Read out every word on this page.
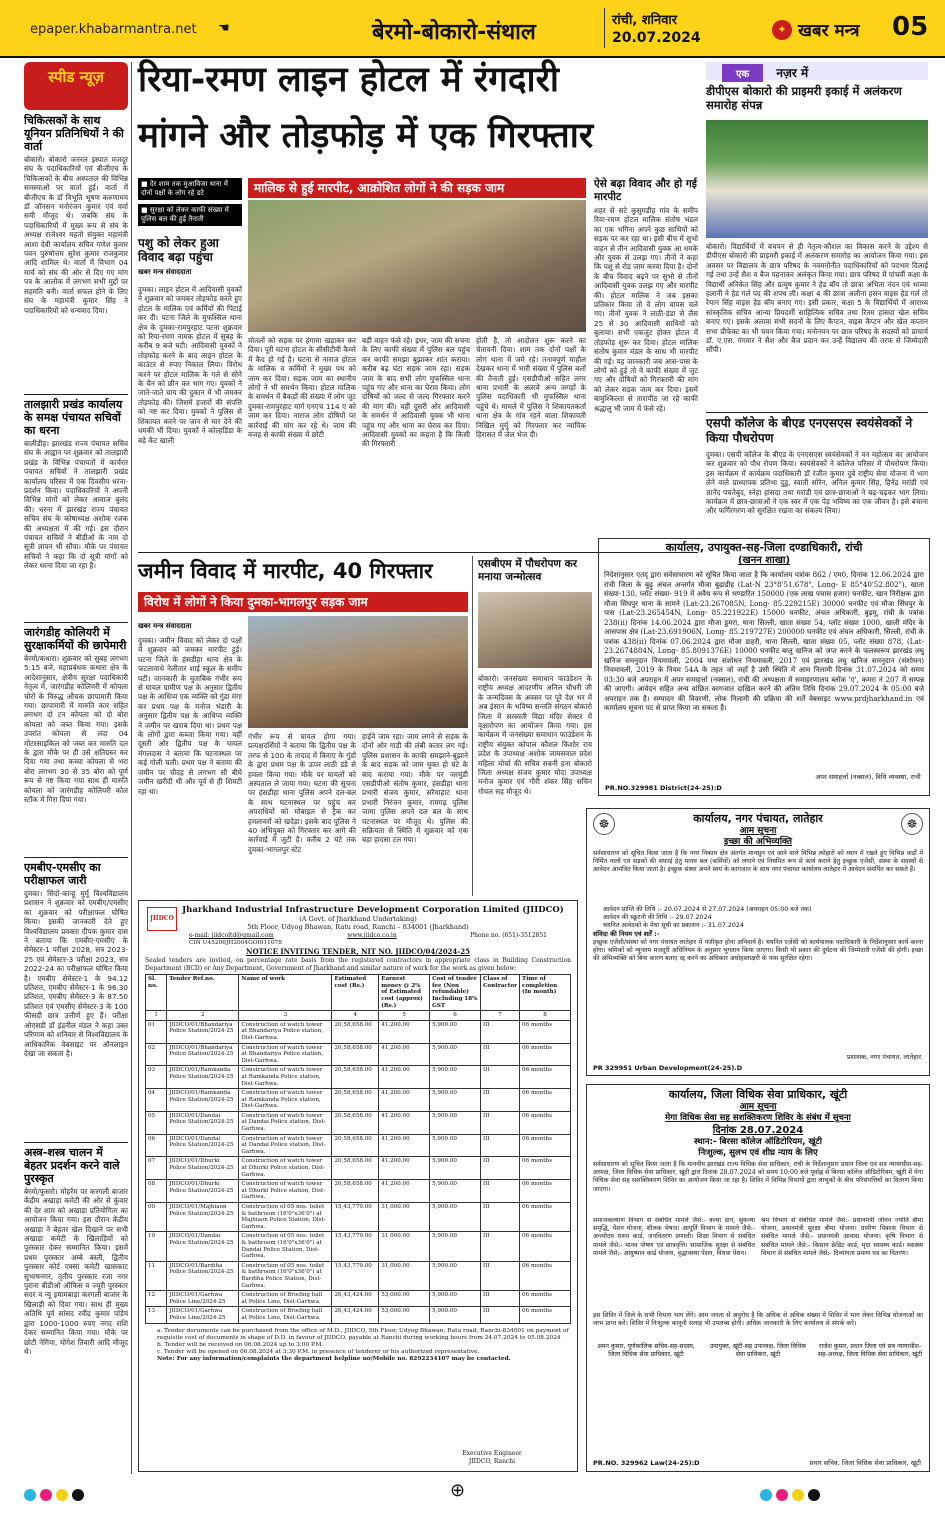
epaper.khabarmantra.net ☚	बेरमो-बोकारो-संथाल	रांची, शनिवार
20.07.2024
✦ खबर मन्त्र 05
स्पीड न्यूज़
चिकित्सकों के साथ यूनियन प्रतिनिधियों ने की वार्ता
बोकारो। बोकारो जनरल इस्पात मजदूर संघ के पदाधिकारियों एवं बीजीएच के चिकित्सकों के बीच अस्पताल की विभिन्न समस्याओं पर वार्ता हुई। वार्ता में बीजीएच के डॉ विभूति भूषण करुणामय डॉ जॉनसन मनोरंजन कुमार एवं वर्मा समी मौजूद थे। जबकि संघ के पदाधिकारियों में मुख्य रूप से संघ के अध्यक्ष राजेश्वर महतो संयुक्त महामंत्री आशा देवी कार्यालय सचिव गणेश कुमार पवन पुरुषोत्तम सुरेश कुमार राजकुमार आदि शामिल थे। वार्ता में विभाग 04 मार्च को संघ की ओर से दिए गए मांग पत्र के आलोक में लगभग सभी मुद्दों पर सहमति बनी। वार्ता सफल होने के लिए संघ के महामंत्री कुमार सिंह ने पदाधिकारियों को धन्यवाद दिया।
तालझारी प्रखंड कार्यालय के समक्ष पंचायत सचिवों का धरना
बालीडीह। झारखंड राज्य पंचायत सचिव संघ के आह्वान पर शुक्रवार को तालझारी प्रखंड के विभिन्न पंचायतों में कार्यरत पंचायत सचिवों ने तालझारी प्रखंड कार्यालय परिसर में एक दिवसीय धरना-प्रदर्शन किया। पदाधिकारियों ने अपनी विभिन्न मांगों को लेकर आवाज बुलंद की। धरना में झारखंड राज्य पंचायत सचिव संघ के कोषाध्यक्ष अशोक रजक की अध्यक्षता में की गई। इस दौरान पंचायत सचिवों ने बीडीओ के नाम दो सूत्री ज्ञापन भी सौंपा। मौके पर पंचायत सचिवों ने कहा कि दो सूत्री मांगों को लेकर धरना दिया जा रहा है।
जारंगडीह कोलियरी में सुरक्षाकर्मियों की छापेमारी
बेरमो/कथारा। शुक्रवार को सुबह लगभग 5:15 बजे, महाप्रबंधक कथारा क्षेत्र के आदेशानुसार, क्षेत्रीय सुरक्षा पदाधिकारी नेतृत्व में, जारंगडीह कोलियरी में कोयला चोरों के विरुद्ध औचक छापामारी किया गया। छापामारी में मारुति कार सहित लगभग दो टन कोयला को दो बोरा कोयला को जब्त किया गया। इसके उपरांत कोयला से लदा 04 मोटरसाइकिल को जब्त कर मारुति दल के द्वारा मौके पर ही उसे क्षतिग्रस्त कर दिया गया तथा कच्चा कोयला से भरा बोरा लगभग 30 से 35 बोरा को पूर्ण रूप से नष्ट किया गया साथ ही मारुति कोयला को जारंगडीह कोलियरी कोल स्टॉक में गिरा दिया गया।
एमबीए-एमसीए का परीक्षाफल जारी
दुमका। सिदो-कान्हू मुर्मू विश्वविद्यालय प्रशासन ने शुक्रवार को एमबीए/एमसीए का शुक्रवार को परीक्षाफल घोषित किया। इसकी जानकारी देते हुए विश्वविद्यालय प्रवक्ता दीपक कुमार दास ने बताया कि एमबीए-एमसीए के सेमेस्टर-1 परीक्षा 2028, सत्र 2023-25 एवं सेमेस्टर-3 परीक्षा 2023, सत्र 2022-24 का परीक्षाफल घोषित किया है। एमबीए सेमेस्टर-1 के 94.12 प्रतिशत, एमबीए सेमेस्टर-1 के 96.30 प्रतिशत, एमबीए सेमेस्टर-3 के 87.50 प्रतिशत एवं एमसीए सेमेस्टर-3 के 100 फीसदी छात्र उत्तीर्ण हुए हैं। परीक्षा ओएसडी डॉ इंद्रनील मंडल ने कहा उक्त परिणाम को शनिवार से विश्वविद्यालय के आधिकारिक वेबसाइट पर ऑनलाइन देखा जा सकता है।
अस्त्र-शस्त्र चालन में बेहतर प्रदर्शन करने वाले पुरस्कृत
बेरमो/फुसरो। मोहर्रम पर करगली बाजार केंद्रीय अखाड़ा कमेटी की ओर से कुंवार की देर शाम को अखाड़ा प्रतियोगिता का आयोजन किया गया। इस दौरान केंद्रीय अखाड़ा ने बेहतर खेल दिखाने पर सभी अखाड़ा कमेटी के खिलाड़ियों को पुरस्कार देकर सम्मानित किया। इसमें प्रथम पुरस्कार अम्बे बस्ती, द्वितीय पुरस्कार कोर्ट एक्सा कमेटी खासकाट सुभाषनगर, तृतीय पुरस्कार रजा नगर पुराना बीडीओ ऑफिस व ज्यूरी पुरस्कार सदर व न्यू इमामबाड़ा करगली बाजार के खिलाड़ी को दिया गया। साथ ही मुख्य अतिथि पूर्व सांसद रवींद्र कुमार पांडेय द्वारा 1000-1000 रुपए नगद राशि देकर सम्मानित किया गया। मौके पर छोटी नेगिया, योगेश तिवारी आदि मौजूद थे।
रिया-रमण लाइन होटल में रंगदारी
मांगने और तोड़फोड़ में एक गिरफ्तार
■ देर शाम तक मुआविजा थाना में दोनों पक्षों के लोग रहे डटे
■ सुरक्षा को लेकर काफी संख्या में पुलिस बल की हुई तैनाती
पशु को लेकर हुआ विवाद बढ़ा पहुंचा
खबर मन्त्र संवाददाता
दुमका। लाइन होटल में आदिवासी युवकों ने शुक्रवार को जमकर तोड़फोड़ करते हुए होटल के मालिक एवं कर्मियों की पिटाई कर दी। पटना जिले के मुफस्सिल थाना क्षेत्र के दुमका-रामपुरहाट पटना शुक्रवार को रिया-रमण नामक होटल में सुबह के करीब 9 बजे घटी। आदिवासी युवकों ने तोड़फोड़ करने के बाद लाइन होटल के काउंटर से रुपए निकाल लिया। विरोध करने पर होटल मालिक के गले से सोने के चैन को छीन कर भाग गए। युवकों ने जाते-जाते चाय की दुकान में भी जमकर तोड़फोड़ की। जिसमें हजारों की संपत्ति को नष्ट कर दिया। युवकों ने पुलिस से शिकायत करने पर जान से मार देने की धमकी भी दिया। युवकों ने कोल्हड़िंडा के बड़े केंट खाली
मालिक से हुई मारपीट, आक्रोशित लोगों ने की सड़क जाम
मोतलों को सड़क पर हंगामा खड़ाकर कर दिया। पूरी घटना होटल के सीसीटीवी कैमरे में कैद हो गई है। घटना से नाराज होटल के मालिक व कर्मियों ने मुख्य पथ को जाम कर दिया। सड़क जाम का स्थानीय लोगों ने भी समर्थन किया। होटल मालिक के समर्थन में बैकड़ों की संख्या में लोग जुट दुमका-रामपुरहाट मार्ग एनएच 114 ए को जाम कर दिया। नाराज लोग दोषियों पर कार्रवाई की मांग कर रहे थे। जाम की वजह से काफी संख्या में छोटी
बड़ी वाहन फंसे रहे। इधर, जाम की सचना के लिए काफी संख्या में पुलिस बल पहुंच कर काफी समझा बुझाकर शांत कराया। करीब बढ़ घंटा सड़क जाम रहा। सड़क जाम के बाद सभी लोग मुफस्सिल थाना पहुंच गए और थाना का घेराव किया। लोग दोषियों को जल्द से जल्द गिरफ्तार करने की मांग की। वहीं दूसरी ओर आदिवासी के समर्थन में आदिवासी युवक भी थाना पहुंच गए और थाना का घेराव कर दिया। आदिवासी युवकों का कहना है कि किसी की गिरफ्तारी
होती है, तो आदोलन शुरू करने का चेतावनी दिया। शाम तक दोनों पक्षों के लोग थाना में जमे रहे। तनावपूर्ण माहौल देखकर थाना में भारी संख्या में पुलिस बलों की तैनाती हुई। एसडीपीओ सहित लगर थाना प्रभारी के अलावे अन्य जगहों के पुलिस पदाधिकारी भी मुफस्सिल थाना पहुंचे थे। मामले में पुलिस ने शिकायतकर्ता थाना क्षेत्र के गांव रहने वाला शिकायती निखिल मुर्मू को गिरफ्तार कर न्यायिक हिरासत में जेल भेज दी।
ऐसे बढ़ा विवाद और हो गई मारपीट
शहर से सटे कुसुमडीह गांव के समीप रिया-रमण होटल मालिक संतोष भंडल का एक भगिना अपने कुछ साथियों को सड़क पर कर रहा था। इसी बीच में सुभो वाहन से तीन आदिवासी युवक आ धमके और युवक से उलझ गए। तीनों ने कहा कि पशु से रोड जाम करवा दिया है। दोनों के बीच विवाद बढ़ने पर सुभो से तीनों आदिवासी युवक उलझ गए और मारपीट की। होटल मालिक ने जब इसका प्रतिकार किया तो वे लोग वापस चले गए। तीनों युवक ने लाठी-डंडा से लैस 25 से 30 आदिवासी साथियों को बुलाया। सभी एकजुट होकर होटल में तोड़फोड़ शुरू कर दिया। होटल मालिक संतोष कुमार मंडल के साथ भी मारपीट की गई। यह जानकारी जब आस-पास के लोगों को हुई तो वे काफी संख्या में जुट गए और दोषियों को गिरफ्तारी की मांग को लेकर सड़क जाम कर दिया। इसमें बामुश्किल्ता से तारापीठ जा रहे काफी श्रद्धालु भी जाम में फंसे रहे।
जमीन विवाद में मारपीट, 40 गिरफ्तार
विरोध में लोगों ने किया दुमका-भागलपुर सड़क जाम
खबर मन्त्र संवाददाता
दुमका। जमीन विवाद को लेकर दो पक्षों में शुक्रवार को जमकर मारपीट हुई। घटना जिले के हंसडीहा थाना क्षेत्र के फटलावाधे नेलीतार शाई स्कूल के समीप घटी। जानकारी के मुताबिक गंभीर रूप से घायल ग्रामीण पक्ष के अनुसार द्वितीय पक्ष के आधिप्य एक व्यक्ति को गुंडा मंगा कर प्रथम पक्ष के मनोज भंडारी के अनुसार द्वितीय पक्ष के आधिप्य व्यक्ति ने जमीन पर खराब दिया था। प्रथम पक्ष के लोगों द्वारा कब्जा किया गया। वहीं दूसरी ओर द्वितीय पक्ष के घायल मंगलदास ने बताया कि घटनास्थल पर कई गोली चली। प्रथम पक्ष ने बताया की जमीन पर चौदह से लगभग सौ बीघे जमीन खरीदी थी और पूर्व से ही शिमटी रहा था।
गंभीर रूप से घायल होगा गया। प्रत्यक्षदर्शियों ने बताया कि द्वितीय पक्ष के तरफ से 100 के तादाद में किराए के गुंडों के द्वारा प्रथम पक्ष के ऊपर लाठी डंडे से हमला किया गया। मौके पर घायलों को अस्पताल ले जाया गया। घटना की सूचना पर हंसडीहा थाना पुलिस अपने दल-बल के साथ घटनास्थल पर पहुंच कर अपराधियों को मोबाइल से ट्रैक कर हमलावरों को खदेड़ा। इसके बाद पुलिस ने 40 अभियुक्त को गिरफ्तार कर आगे की कार्रवाई में जुटी है। करीब 2 घंटे तक दुमका-भागलपुर स्टेट
हाईवे जाम रहा। जाम लगने से सड़क के दोनों ओर गाड़ी की लंबी कतार लग गई। पुलिस प्रशासन के काफी समझाने-बुझाने के बाद सड़क को जाम मुक्त हो घंटे के बाद कराया गया। मौके पर जरमुंडी एसडीपीओ संतोष कुमार, हंसडीहा थाना प्रभारी संजय कुमार, सरैयाहाट थाना प्रभारी निरंजन कुमार, रामगढ़ पुलिस जामा पुलिस अपने दल बल के साथ घटनास्थल पर मौजूद थे। पुलिस की सक्रियता से स्थिति में शुक्रवार को एक बड़ा हादसा टल गया।
एसबीएम में पौधरोपण कर मनाया जन्मोत्सव
बोकारो। जनसंख्या समाधान फाउंडेशन के राष्ट्रीय अध्यक्ष आदरणीय अनिल चौधरी जी के जन्मदिवस के अवसर पर पूरे देश भर में अब इंसान के भविष्य सन्तति संगठन बोकारो जिला में सरस्वती विद्या मंदिर सेक्टर में वृक्षारोपण का आयोजन किया गया। इस कार्यक्रम में जनसंख्या समाधान फाउंडेशन के राष्ट्रीय संयुक्त कोपाल कौशल किशोर राय प्रदेश के उपाध्यक्ष अशोक जायसवाल प्रदेश महिला मोर्चा की सचिव सबनी हना बोकारो जिला अध्यक्ष संजय कुमार मोदा उपाध्यक्ष मनोज कुमार एवं गौरी शंकर सिंह सचिन गोयल सह मौजूद थे।
एक नज़र में
डीपीएस बोकारो की प्राइमरी इकाई में अलंकरण समारोह संपन्न
बोकारो। विद्यार्थियों में बचपन से ही नेतृत्व-कौशल का विकास करने के उद्देश्य से डीपीएस बोकारो की प्राइमरी इकाई में अलंकरण समारोह का आयोजन किया गया। इस अवसर पर विद्यालय के छात्र परिषद के नवमनोनीत पदाधिकारियों को पदभार दिलाई गई तथा उन्हें सैश व बैज पहनाकर अलंकृत किया गया। छात्र परिषद में पांचवीं कक्षा के विद्यार्थी अनिकेत सिंह और प्रत्युष कुमार ने हेड बॉय तो छात्रा अभिता नंदन एवं भाव्या हलानी ने हेड गर्ल पद की शपथ ली। कक्षा 4 की छात्रा अलीना हसन वाइस हेड गर्ल तो रेयान सिंह वाइस हेड बॉय बनाए गए। इसी प्रकार, कक्षा 5 के विद्यार्थियों में आराध्य सांस्कृतिक सचिव आन्या प्रियदर्शी साहित्यिक सचिव तथा रितम हांसदा खेल सचिव बनाए गए। इसके अलावा सभी सदनों के लिए कैप्टन, वाइस कैप्टन और खेल कप्तान सभा प्रीफेक्ट का भी चयन किया गया। मनोनयन पर छात्र परिषद के सदस्यों को प्राचार्य डॉ. ए.एस. गंगवार ने सैश और बैज प्रदान कर उन्हें विद्यालय की तरफ से जिम्मेदारी सौंपी।
एसपी कॉलेज के बीएड एनएसएस स्वयंसेवकों ने किया पौधरोपण
दुमका। एसपी कॉलेज के बीएड के एनएसएस स्वयंसेवकों ने वन महोत्सव का आयोजन कर शुक्रवार को पौध रोपण किया। स्वयंसेवकों ने कॉलेज परिसर में पौधरोपण किया। इस कार्यक्रम में कार्यक्रम पदाधिकारी डॉ रंजीत कुमार दुबे राष्ट्रीय सेवा योजना में भाग लेने वाले प्राध्यापक प्रतिभा दुडु, स्वाती सोरेन, अनिल कुमार सिंह, हिनेंद्र मरांडी एवं ज्ञानेंद पचतेबुद, स्नेहा हांसदा तथा मरांडी एवं छात्र-छात्राओं ने बढ़-चढ़कर भाग लिया। कार्यक्रम में छात्र-छात्राओं ने एक स्वर में एक पेड़ भविष्य का एक जीवन है। इसे बचाना और फर्गिरगरण को सुरक्षित रखना का संकल्प लिया।
कार्यालय, उपायुक्त-सह-जिला दण्डाधिकारी, रांची
(खनन शाखा)
निदेशानुसार एतद् द्वारा सर्वसाधारण को सूचित किया जाता है कि कार्यालय पत्रांक 862 / एम0, दिनांक 12.06.2024 द्वारा रांची जिला के बुढ़ू अंचल अन्तर्गत मौजा बुढ़ाडीह (Lat-N 23°8'51.678", Long- E 85°40'52.802"), खाता संख्या-130, प्लॉट संख्या- 919 में अवैध रूप से भण्डारित 150000 (एक लाख पचास हजार) घनफीट, खान निरीक्षक द्वारा मौजा सिंघपुर थाना के सामने (Lat-23.267085N, Long- 85.229215E) 30000 घनफीट एवं मौजा सिंघपुर के पास (Lat-23.265454N, Long- 85.221922E) 15000 घनफीट, अंचल अधिकारी, बुढ़मू, रांची के पत्रांक 238(ii) दिनांक 14.06.2024 द्वारा मौजा डुमरा, थाना सिल्ली, खाता संख्या 54, प्लॉट संख्या 1000, खाली मंदिर के आसपास क्षेत्र (Lat-23.691906N, Long- 85.219727E) 200000 घनफीट एवं अंचल अधिकारी, सिल्ली, रांची के पत्रांक 438(ii) दिनांक 07.06.2024 द्वारा मौजा डाहरी, थाना सिल्ली, खाता संख्या 05, प्लॉट संख्या 878, (Lat-23.2674884N, Long- 85.8091376E) 10000 घनफीट बालू खनिज को जप्त करने के फलस्वरूप झारखंड लघु खनिज समनुदान नियमावली, 2004 यथा संशोधन नियमावली, 2017 एवं झारखंड लघु खनिज समनुदान (संशोधन) नियमावली, 2019 के नियम 54A के तहत जो जहाँ है उसी स्थिति में आम निलामी दिनांक 31.07.2024 को समय 03:30 बजे अपराहन में अपर समाहर्त्ता (नक्सल), रांची की अध्यक्षता में समाहरणालय ब्लॉक 'ए', कमरा नं 207 में सम्पन्न की जाएगी। आवेदन सहित अन्य वांछित कागजात दाखिल करने की अंतिम तिथि दिनांक 29.07.2024 के 05:00 बजे अपराहन तक है। सम्पादन की विवरणी, लोक निलामी की प्रक्रिया की शर्तें वेबसाइट www.prdjharkhand.in एवं कार्यालय सूचना पट से प्राप्त किया जा सकता है।
अपर समाहर्त्ता (नक्सल), विधि व्यवस्था, रांची
PR.NO.329981 District(24-25):D
☸	☸
कार्यालय, नगर पंचायत, लातेहार
आम सूचना
इच्छा की अभिव्यक्ति
सर्वसाधारण को सूचित किया जाता है कि नगर निकाय क्षेत्र अंतर्गत मानसून एवं आने वाले विभिन्न त्योहारों को ध्यान में रखते हुए विभिन्न वार्डों में निर्मित नालों एवं सड़कों की सफाई हेतु मानव बल (कर्मियों) को लगाने एवं नियमित रूप से कार्य कराने हेतु इच्छुक एजेंसी, संस्था के सदस्यों से आवेदन आमंत्रित किया जाता है। इच्छुक संस्था अपने स्वयं के कागजात के साथ नगर पंचायत कार्यालय लातेहार में आवेदन समर्पित कर सकते हैं।
आवेदन प्राप्ति की तिथि :- 20.07.2024 से 27.07.2024 (अपराहन 05:00 बजे तक)
आवेदन की स्क्रूटनी की तिथि :- 29.07.2024
चयनित आवेदकों के मेधा सूची का प्रकाशन :- 31.07.2024
संविदा की नियम एवं शर्तें :-
इच्छुक एजेंसी/संस्था को नगर पंचायत लातेहार में पंजीकृत होना अनिवार्य है। चयनित एजेंसी को कार्यपालक पदाधिकारी के निर्देशानुसार कार्य करना होगा। श्रमिकों को न्यूनतम मजदूरी अधिनियम के अनुसार भुगतान किया जाएगा। किसी भी प्रकार की दुर्घटना की जिम्मेदारी एजेंसी की होगी। इच्छा की अभिव्यक्ति को बिना कारण बताए रद्द करने का अधिकार अधोहस्ताक्षरी के पास सुरक्षित रहेगा।
प्रशासक, नगर पंचायत, लातेहार
PR 329951 Urban Development(24-25).D
कार्यालय, जिला विधिक सेवा प्राधिकार, खूंटी
आम सूचना
मेगा विधिक सेवा सह सशक्तिकरण शिविर के संबंध में सूचना
दिनांक 28.07.2024
स्थान:- बिरसा कॉलेज ऑडिटोरियम, खूंटी
निःशुल्क, सुलभ एवं शीघ्र न्याय के लिए
सर्वसाधारण को सूचित किया जाता है कि माननीय झारखंड राज्य विधिक सेवा प्राधिकार, रांची के निर्देशानुसार प्रधान जिला एवं सत्र न्यायाधीश-सह-अध्यक्ष, जिला विधिक सेवा प्राधिकार, खूंटी द्वारा दिनांक 28.07.2024 को समय 10:00 बजे पूर्वाह्न से बिरसा कॉलेज ऑडिटोरियम, खूंटी में मेगा विधिक सेवा सह सशक्तिकरण शिविर का आयोजन किया जा रहा है। शिविर में विभिन्न विभागों द्वारा लाभुकों के बीच परिसंपत्तियों का वितरण किया जाएगा।
समाजकल्याण विभाग से संबंधित मामले जैसे:- कन्या दान, सुकन्या समृद्धि, पेंशन योजना, शीलक भेषज। आपूर्ति विभाग के मामले जैसे:- अन्त्योदय राशन कार्ड, जनवितरण प्रणाली। शिक्षा विभाग से संबंधित मामले जैसे:- मानव पोषण एवं छात्रवृत्ति। सामाजिक सुरक्षा से संबंधित मामले जैसे:- आयुष्मान कार्ड योजना, वृद्धावस्था पेंशन, विधवा पेंशन।
श्रम विभाग से संबंधित मामले जैसे:- प्रधानमंत्री जीवन ज्योति बीमा योजना, प्रधानमंत्री सुरक्षा बीमा योजना। ग्रामीण विकास विभाग से संबंधित मामले जैसे:- प्रधानमंत्री आवास योजना। कृषि विभाग से संबंधित मामले जैसे:- किसान क्रेडिट कार्ड, मृदा स्वास्थ्य कार्ड। स्वास्थ्य विभाग से संबंधित मामले जैसे:- दिव्यांगता प्रमाण पत्र का वितरण।
इस शिविर में जिले के सभी विभाग भाग लेंगे। आम जनता से अनुरोध है कि अधिक से अधिक संख्या में शिविर में भाग लेकर विभिन्न योजनाओं का लाभ प्राप्त करें। शिविर में निःशुल्क कानूनी सलाह भी उपलब्ध होगी। अधिक जानकारी के लिए कार्यालय से संपर्क करें।
अमन कुमार, पूर्णकालिक सचिव-सह-सदस्य, जिला विधिक सेवा प्राधिकार, खूंटी
उपायुक्त, खूंटी-सह उपाध्यक्ष, जिला विधिक सेवा प्राधिकार, खूंटी
राजेश कुमार, प्रधान जिला एवं सत्र न्यायाधीश-सह-अध्यक्ष, जिला विधिक सेवा प्राधिकार, खूंटी
PR.NO. 329962 Law(24-25):D	प्रचार सचिव, जिला विधिक सेवा प्राधिकार, खूंटी
JIIDCO
Jharkhand Industrial Infrastructure Development Corporation Limited (JIIDCO)
(A Govt. of Jharkhand Undertaking)
5th Floor, Udyog Bhawan, Ratu road, Ranchi – 834001 (Jharkhand)
e-mail: jiidcoltd@gmail.com	www.jiidco.co.in	Phone no. (651)-3512851
CIN U45206JH2004GOI011078
NOTICE INVITING TENDER, NIT NO. JIIDCO/04/2024-25
Sealed tenders are invited, on percentage rate basis from the registered contractors in appropriate class in Building Construction Department (BCD) or Any Department, Government of Jharkhand and similar nature of work for the work as given below:
Sl. no.	Tender Ref.no.	Name of work	Estimated cost (Rs.)	Earnest money @ 2% of Estimated cost (approx) (Rs.)	Cost of tender fee (Non refundable) Including 18% GST	Class of Contractor	Time of completion (In month)
1	2	3	4	5	6	7	8
01	JIIDCO/01/Bhandariya Police Station/2024-25	Construction of watch tower at Bhandariya Police station, Dist-Garhwa.	20,58,658.00	41,200.00	5,900.00	III	06 months
02	JIIDCO/01/Bhandariya Police Station/2024-25	Construction of watch tower at Bhandariya Police station, Dist-Garhwa.	20,58,658.00	41,200.00	5,900.00	III	06 months
03	JIIDCO/01/Ramkanda Police Station/2024-25	Construction of watch tower at Ramkanda Police station, Dist-Garhwa.	20,58,658.00	41,200.00	5,900.00	III	06 months
04	JIIDCO/01/Ramkanda Police Station/2024-25	Construction of watch tower at Ramkanda Police station, Dist-Garhwa.	20,58,658.00	41,200.00	5,900.00	III	06 months
05	JIIDCO/01/Dandai Police Station/2024-25	Construction of watch tower at Dandai Police station, Dist-Garhwa.	20,58,658.00	41,200.00	5,900.00	III	06 months
06	JIIDCO/01/Dandai Police Station/2024-25	Construction of watch tower at Dandai Police station, Dist-Garhwa.	20,58,658.00	41,200.00	5,900.00	III	06 months
07	JIIDCO/01/Dhurki Police Station/2024-25	Construction of watch tower at Dhurki Police station, Dist-Garhwa.	20,58,658.00	41,200.00	5,900.00	III	06 months
08	JIIDCO/01/Dhurki Police Station/2024-25	Construction of watch tower at Dhurki Police station, Dist-Garhwa.	20,58,658.00	41,200.00	5,900.00	III	06 months
09	JIIDCO/01/Majhiaon Police Station/2024-25	Construction of 05 nos. toilet & bathroom (16'0"x36'0") at Majhiaon Police Station, Dist-Garhwa.	15,43,779.00	31,000.00	5,900.00	III	06 months
10	JIIDCO/01/Dandai Police Station/2024-25	Construction of 05 nos. toilet & bathroom (16'0"x36'0") at Dandai Police Station, Dist-Garhwa.	15,43,779.00	31,000.00	5,900.00	III	06 months
11	JIIDCO/01/Bardiha Police Station/2024-25	Construction of 05 nos. toilet & bathroom (16'0"x36'0") at Bardiha Police Station, Dist-Garhwa.	15,43,779.00	31,000.00	5,900.00	III	06 months
12	JIIDCO/01/Garhwa Police Line/2024-25	Construction of Briefing hall at Police Line, Dist-Garhwa.	26,43,424.00	53,000.00	5,900.00	III	06 months
13	JIIDCO/01/Garhwa Police Line/2024-25	Construction of Briefing hall at Police Line, Dist-Garhwa.	26,43,424.00	53,000.00	5,900.00	III	06 months
a. Tender documents can be purchased from the office of M.D., JIIDCO, 5th Floor, Udyog Bhawan, Ratu road, Ranchi-834001 on payment of requisite cost of documents in shape of D.D. in favour of JIIDCO, payable at Ranchi during working hours from 24.07.2024 to 05.08.2024
b. Tender will be received on 06.08.2024 up to 3:00 P.M.
c. Tender will be opened on 06.08.2024 at 3:30 P.M. in presence of tenderer or his authorized representative.
Note: For any information/complaints the department helpline no/Mobile no. 8292234107 may be contacted.
Executive Engineer JIIDCO, Ranchi
⊕
